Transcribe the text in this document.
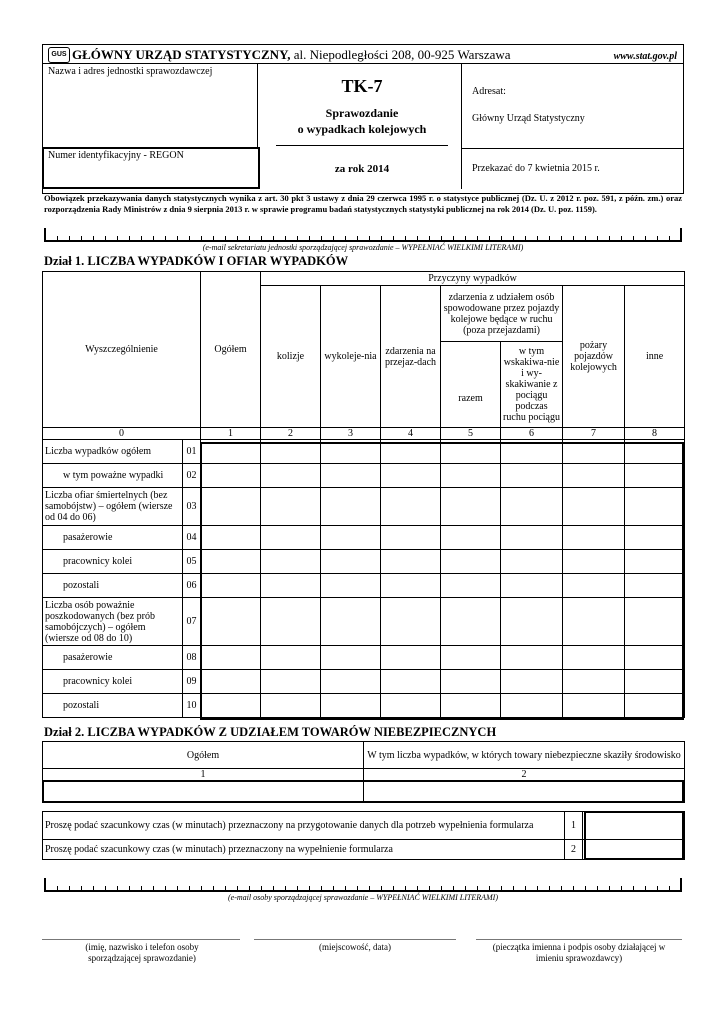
GUS GŁÓWNY URZĄD STATYSTYCZNY, al. Niepodległości 208, 00-925 Warszawa	www.stat.gov.pl
Nazwa i adres jednostki sprawozdawczej
Numer identyfikacyjny - REGON
TK-7
Sprawozdanie
o wypadkach kolejowych
za rok 2014
Adresat:
Główny Urząd Statystyczny
Przekazać do 7 kwietnia 2015 r.
Obowiązek przekazywania danych statystycznych wynika z art. 30 pkt 3 ustawy z dnia 29 czerwca 1995 r. o statystyce publicznej (Dz. U. z 2012 r. poz. 591, z późn. zm.) oraz rozporządzenia Rady Ministrów z dnia 9 sierpnia 2013 r. w sprawie programu badań statystycznych statystyki publicznej na rok 2014 (Dz. U. poz. 1159).
(e-mail sekretariatu jednostki sporządzającej sprawozdanie – WYPEŁNIAĆ WIELKIMI LITERAMI)
Dział 1. LICZBA WYPADKÓW I OFIAR WYPADKÓW
Wyszczególnienie		Ogółem	Przyczyny wypadków						
			kolizje	wykoleje-nia	zdarzenia na przejaz-dach	zdarzenia z udziałem osób spowodowane przez pojazdy kolejowe będące w ruchu (poza przejazdami)		pożary pojazdów kolejowych	inne
						razem	w tym wskakiwa-nie i wy-skakiwanie z pociągu podczas ruchu pociągu		

0		1	2	3	4	5	6	7	8
Liczba wypadków ogółem	01								
w tym poważne wypadki	02								
Liczba ofiar śmiertelnych (bez samobójstw) – ogółem (wiersze od 04 do 06)	03								
pasażerowie	04								
pracownicy kolei	05								
pozostali	06								
Liczba osób poważnie poszkodowanych (bez prób samobójczych) – ogółem (wiersze od 08 do 10)	07								
pasażerowie	08								
pracownicy kolei	09								
pozostali	10								
Dział 2. LICZBA WYPADKÓW Z UDZIAŁEM TOWARÓW NIEBEZPIECZNYCH
Ogółem	W tym liczba wypadków, w których towary niebezpieczne skaziły środowisko
1	2

Proszę podać szacunkowy czas (w minutach) przeznaczony na przygotowanie danych dla potrzeb wypełnienia formularza	1	
Proszę podać szacunkowy czas (w minutach) przeznaczony na wypełnienie formularza	2	
(e-mail osoby sporządzającej sprawozdanie – WYPEŁNIAĆ WIELKIMI LITERAMI)
(imię, nazwisko i telefon osoby sporządzającej sprawozdanie)
(miejscowość, data)	(pieczątka imienna i podpis osoby działającej w imieniu sprawozdawcy)
